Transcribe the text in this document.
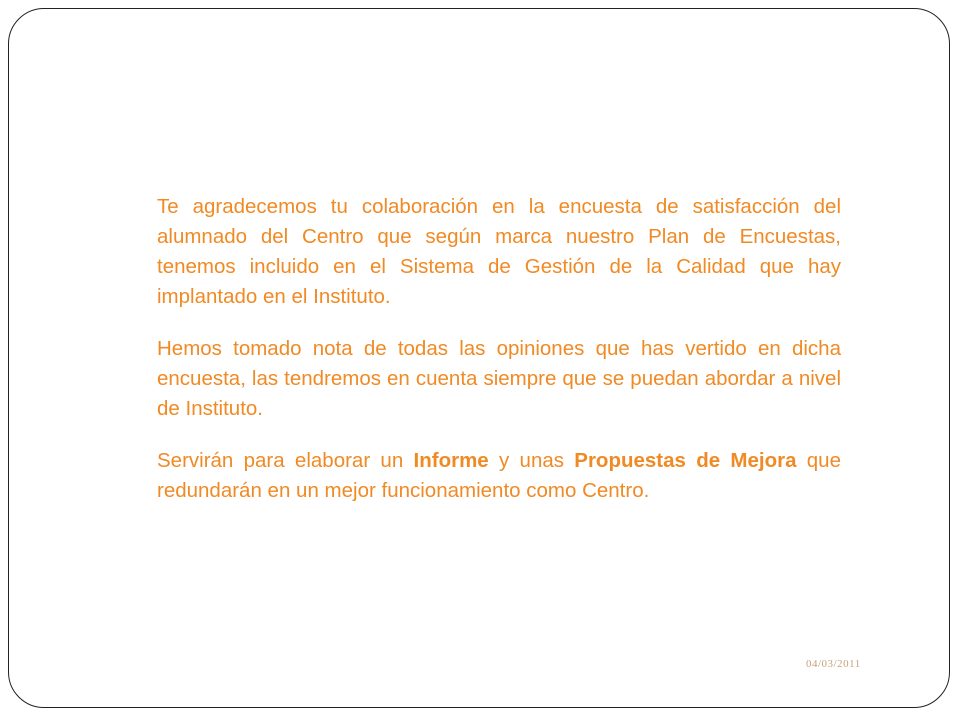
Te agradecemos tu colaboración en la encuesta de satisfacción del alumnado del Centro que según marca nuestro Plan de Encuestas, tenemos incluido en el Sistema de Gestión de la Calidad que hay implantado en el Instituto.

Hemos tomado nota de todas las opiniones que has vertido en dicha encuesta, las tendremos en cuenta siempre que se puedan abordar a nivel de Instituto.

Servirán para elaborar un Informe y unas Propuestas de Mejora que redundarán en un mejor funcionamiento como Centro.

04/03/2011
